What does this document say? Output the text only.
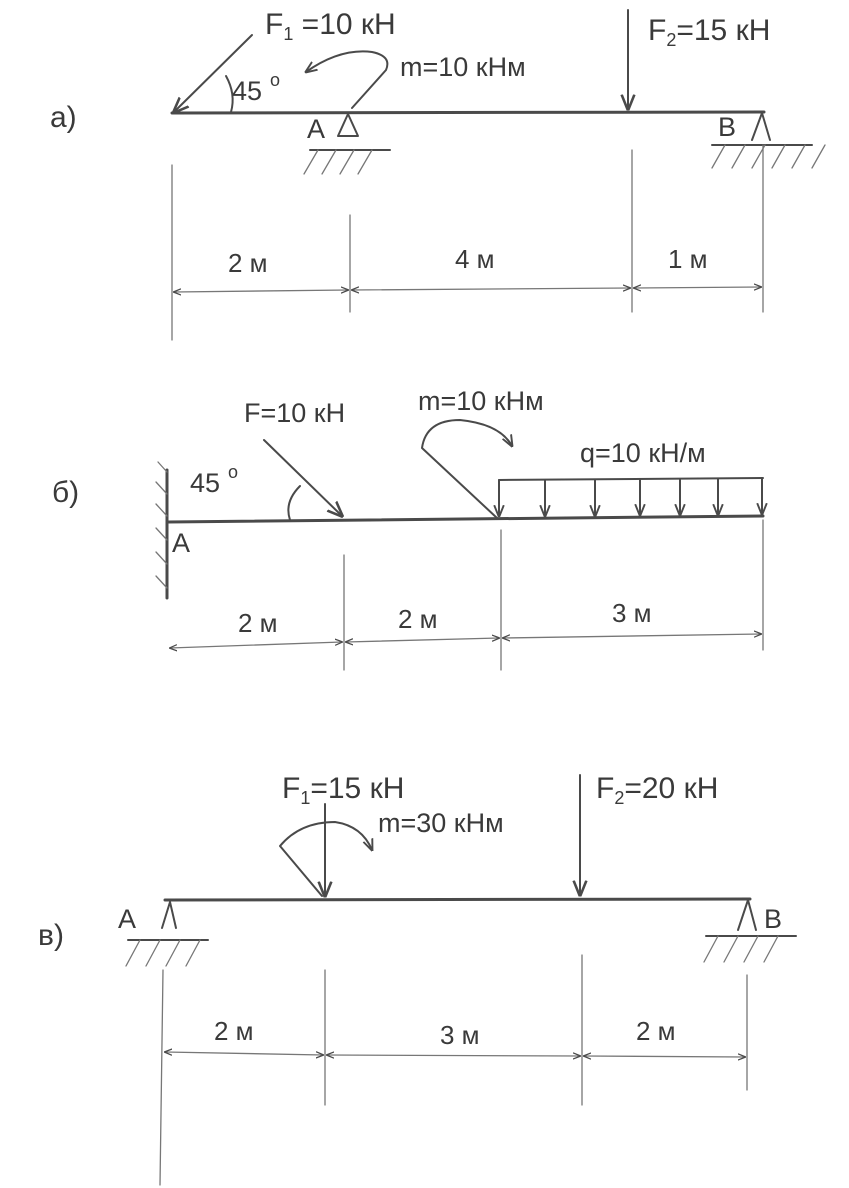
а)
45 o
$F_1 =10$ кН
m=10 кНм
$F_2=15$ кН
A	B
2 м	4 м	1 м
б)
A
45 o
F=10 кН	m=10 кНм
q=10 кН/м
2 м	2 м	3 м
в) A	B
$F_1=15$ кН
m=30 кНм
$F_2=20$ кН
2 м	3 м	2 м
